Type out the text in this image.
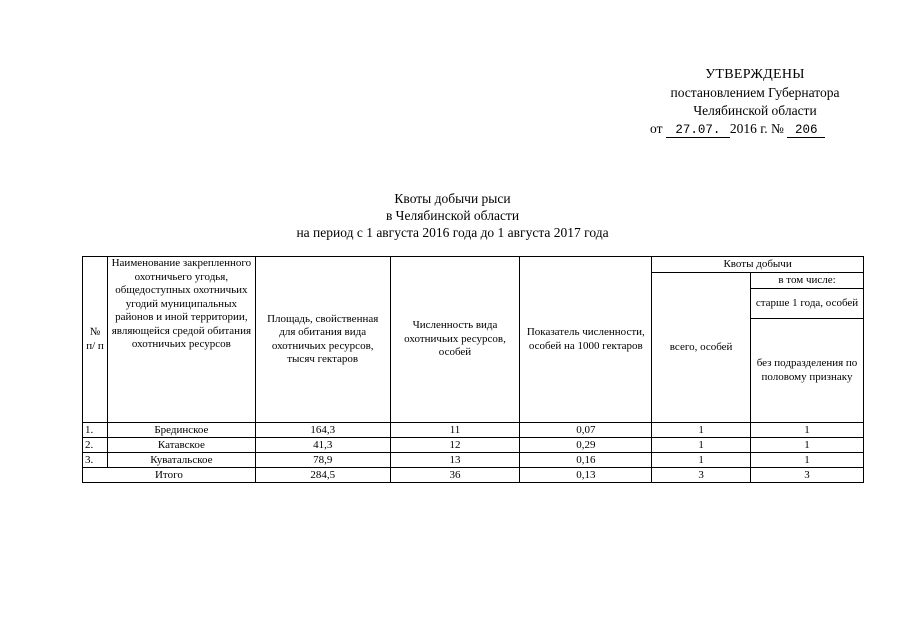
УТВЕРЖДЕНЫ
постановлением Губернатора
Челябинской области
от 27.07. 2016 г. № 206
Квоты добычи рыси
в Челябинской области
на период с 1 августа 2016 года до 1 августа 2017 года
№ п/ п	Наименование закрепленного охотничьего угодья, общедоступных охотничьих угодий муниципальных районов и иной территории, являющейся средой обитания охотничьих ресурсов	Площадь, свойственная для обитания вида охотничьих ресурсов, тысяч гектаров	Численность вида охотничьих ресурсов, особей	Показатель численности, особей на 1000 гектаров	Квоты добычи	
					всего, особей	в том числе:
						старше 1 года, особей
						без подразделения по половому признаку
1.	Брединское	164,3	11	0,07	1	1
2.	Катавское	41,3	12	0,29	1	1
3.	Куватальское	78,9	13	0,16	1	1
Итого		284,5	36	0,13	3	3
